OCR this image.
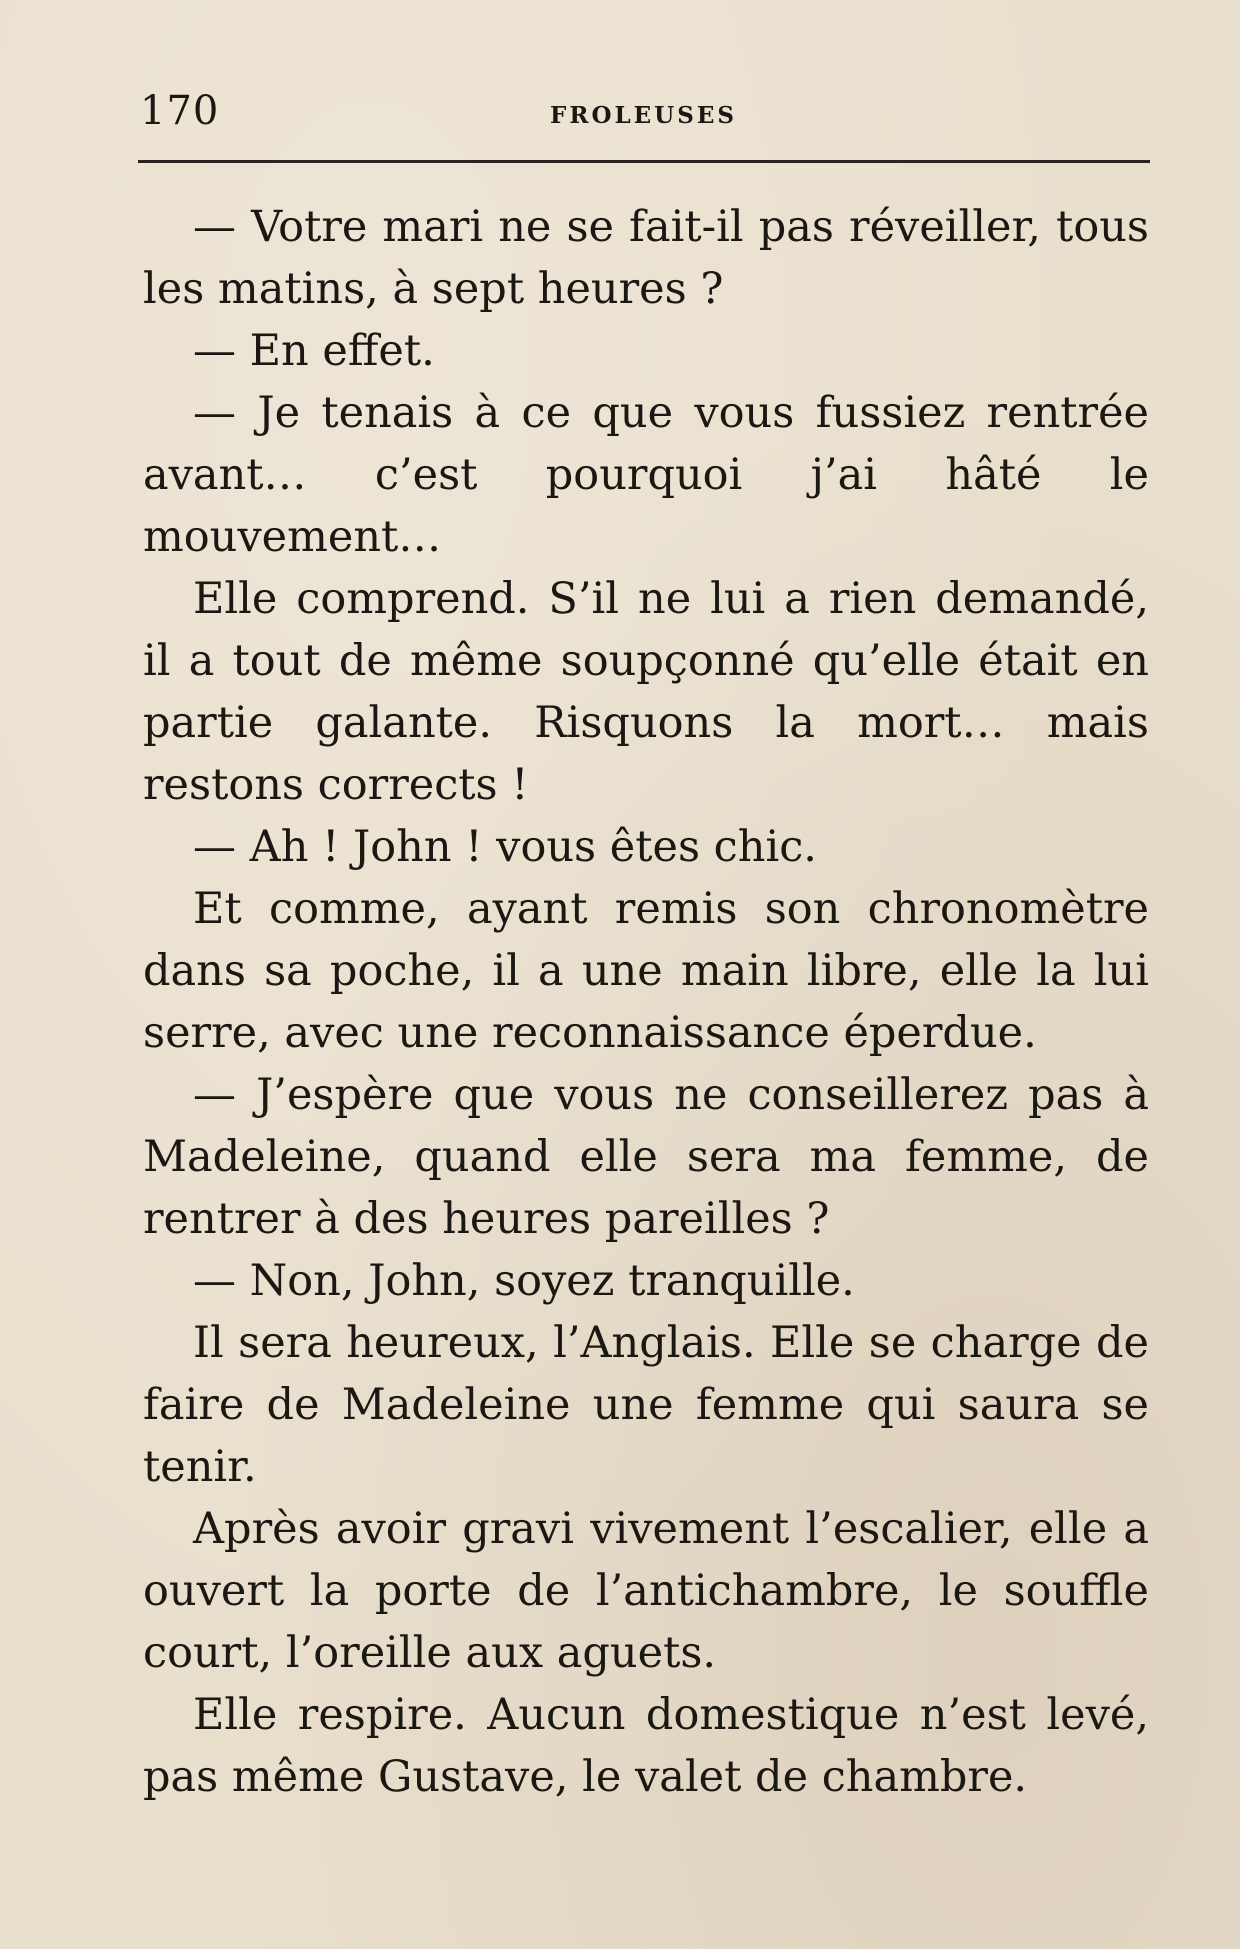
170	FROLEUSES

— Votre mari ne se fait-il pas réveiller, tous les matins, à sept heures ?

— En effet.

— Je tenais à ce que vous fussiez rentrée avant… c’est pourquoi j’ai hâté le mouvement…

Elle comprend. S’il ne lui a rien demandé, il a tout de même soupçonné qu’elle était en partie galante. Risquons la mort… mais restons corrects !

— Ah ! John ! vous êtes chic.

Et comme, ayant remis son chronomètre dans sa poche, il a une main libre, elle la lui serre, avec une reconnaissance éperdue.

— J’espère que vous ne conseillerez pas à Madeleine, quand elle sera ma femme, de rentrer à des heures pareilles ?

— Non, John, soyez tranquille.

Il sera heureux, l’Anglais. Elle se charge de faire de Madeleine une femme qui saura se tenir.

Après avoir gravi vivement l’escalier, elle a ouvert la porte de l’antichambre, le souffle court, l’oreille aux aguets.

Elle respire. Aucun domestique n’est levé, pas même Gustave, le valet de chambre.
